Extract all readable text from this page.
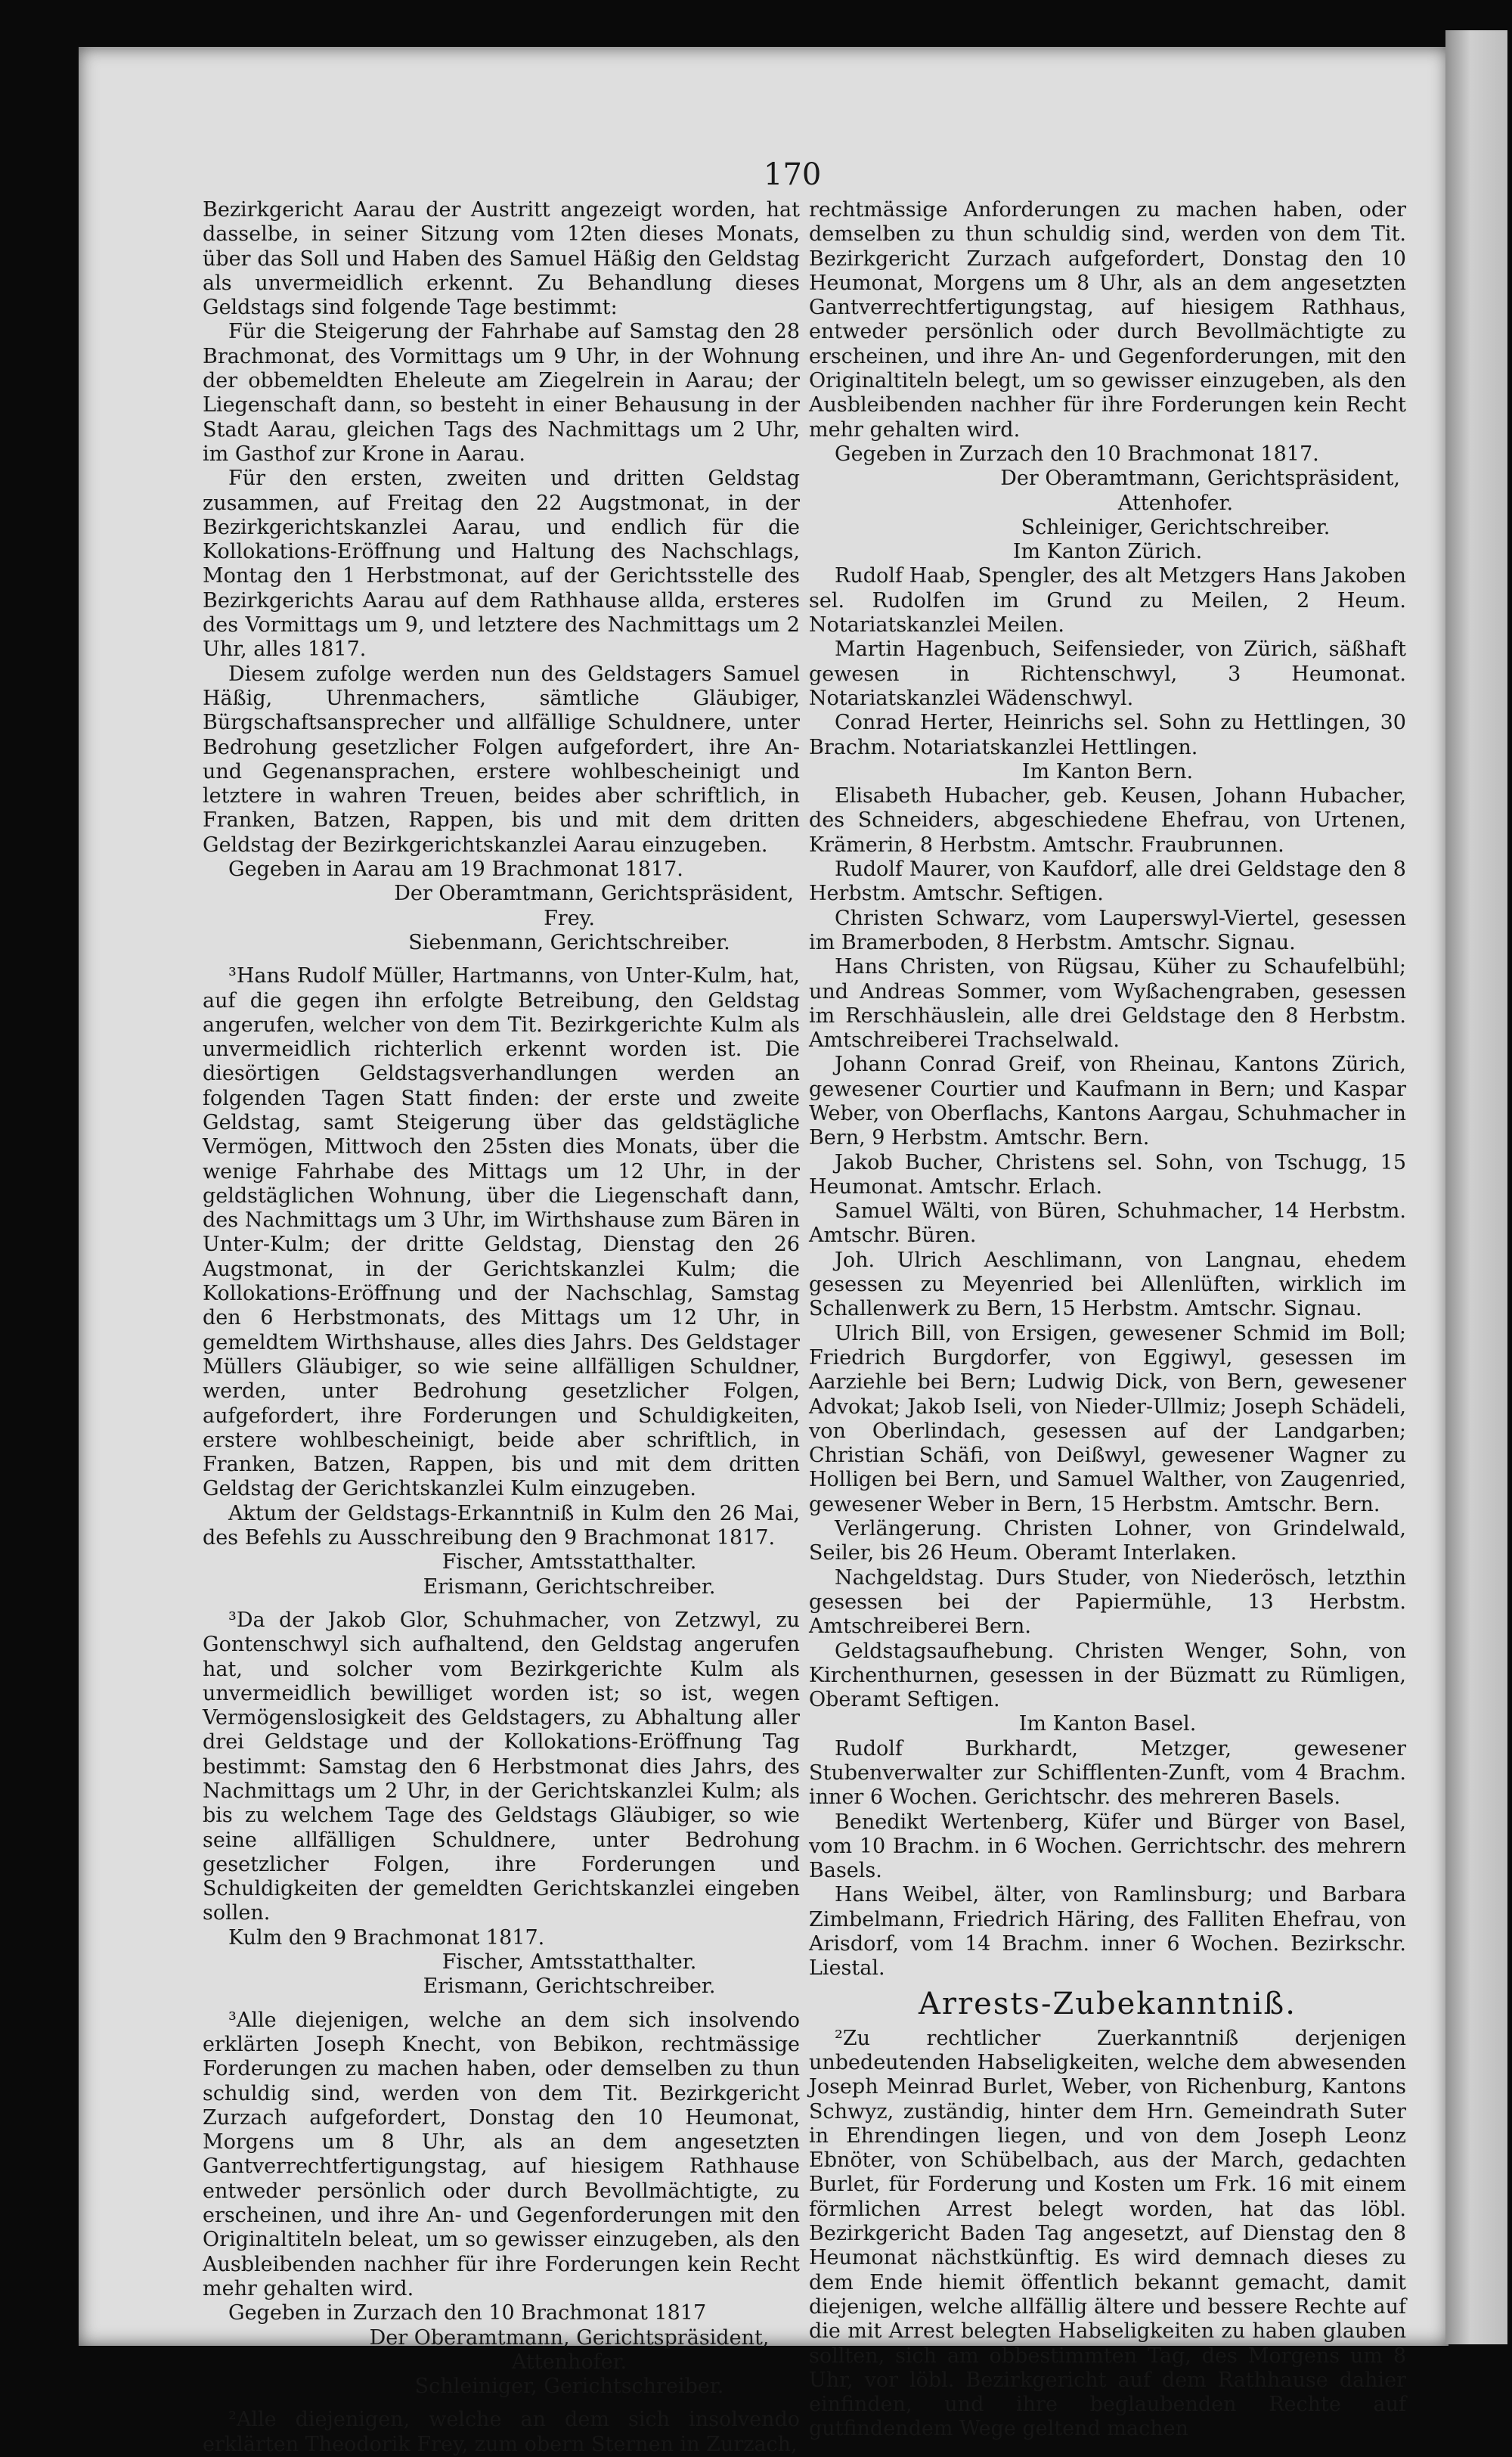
170

Bezirkgericht Aarau der Austritt angezeigt worden, hat dasselbe, in seiner Sitzung vom 12ten dieses Monats, über das Soll und Haben des Samuel Häßig den Geldstag als unvermeidlich erkennt. Zu Behandlung dieses Geldstags sind folgende Tage bestimmt:

Für die Steigerung der Fahrhabe auf Samstag den 28 Brachmonat, des Vormittags um 9 Uhr, in der Wohnung der obbemeldten Eheleute am Ziegelrein in Aarau; der Liegenschaft dann, so besteht in einer Behausung in der Stadt Aarau, gleichen Tags des Nachmittags um 2 Uhr, im Gasthof zur Krone in Aarau.

Für den ersten, zweiten und dritten Geldstag zusammen, auf Freitag den 22 Augstmonat, in der Bezirkgerichtskanzlei Aarau, und endlich für die Kollokations-Eröffnung und Haltung des Nachschlags, Montag den 1 Herbstmonat, auf der Gerichtsstelle des Bezirkgerichts Aarau auf dem Rathhause allda, ersteres des Vormittags um 9, und letztere des Nachmittags um 2 Uhr, alles 1817.

Diesem zufolge werden nun des Geldstagers Samuel Häßig, Uhrenmachers, sämtliche Gläubiger, Bürgschaftsansprecher und allfällige Schuldnere, unter Bedrohung gesetzlicher Folgen aufgefordert, ihre An- und Gegenansprachen, erstere wohlbescheinigt und letztere in wahren Treuen, beides aber schriftlich, in Franken, Batzen, Rappen, bis und mit dem dritten Geldstag der Bezirkgerichtskanzlei Aarau einzugeben.

Gegeben in Aarau am 19 Brachmonat 1817.

Der Oberamtmann, Gerichtspräsident,

Frey.

Siebenmann, Gerichtschreiber.

³Hans Rudolf Müller, Hartmanns, von Unter-Kulm, hat, auf die gegen ihn erfolgte Betreibung, den Geldstag angerufen, welcher von dem Tit. Bezirkgerichte Kulm als unvermeidlich richterlich erkennt worden ist. Die diesörtigen Geldstagsverhandlungen werden an folgenden Tagen Statt finden: der erste und zweite Geldstag, samt Steigerung über das geldstägliche Vermögen, Mittwoch den 25sten dies Monats, über die wenige Fahrhabe des Mittags um 12 Uhr, in der geldstäglichen Wohnung, über die Liegenschaft dann, des Nachmittags um 3 Uhr, im Wirthshause zum Bären in Unter-Kulm; der dritte Geldstag, Dienstag den 26 Augstmonat, in der Gerichtskanzlei Kulm; die Kollokations-Eröffnung und der Nachschlag, Samstag den 6 Herbstmonats, des Mittags um 12 Uhr, in gemeldtem Wirthshause, alles dies Jahrs. Des Geldstager Müllers Gläubiger, so wie seine allfälligen Schuldner, werden, unter Bedrohung gesetzlicher Folgen, aufgefordert, ihre Forderungen und Schuldigkeiten, erstere wohlbescheinigt, beide aber schriftlich, in Franken, Batzen, Rappen, bis und mit dem dritten Geldstag der Gerichtskanzlei Kulm einzugeben.

Aktum der Geldstags-Erkanntniß in Kulm den 26 Mai, des Befehls zu Ausschreibung den 9 Brachmonat 1817.

Fischer, Amtsstatthalter.

Erismann, Gerichtschreiber.

³Da der Jakob Glor, Schuhmacher, von Zetzwyl, zu Gontenschwyl sich aufhaltend, den Geldstag angerufen hat, und solcher vom Bezirkgerichte Kulm als unvermeidlich bewilliget worden ist; so ist, wegen Vermögenslosigkeit des Geldstagers, zu Abhaltung aller drei Geldstage und der Kollokations-Eröffnung Tag bestimmt: Samstag den 6 Herbstmonat dies Jahrs, des Nachmittags um 2 Uhr, in der Gerichtskanzlei Kulm; als bis zu welchem Tage des Geldstags Gläubiger, so wie seine allfälligen Schuldnere, unter Bedrohung gesetzlicher Folgen, ihre Forderungen und Schuldigkeiten der gemeldten Gerichtskanzlei eingeben sollen.

Kulm den 9 Brachmonat 1817.

Fischer, Amtsstatthalter.

Erismann, Gerichtschreiber.

³Alle diejenigen, welche an dem sich insolvendo erklärten Joseph Knecht, von Bebikon, rechtmässige Forderungen zu machen haben, oder demselben zu thun schuldig sind, werden von dem Tit. Bezirkgericht Zurzach aufgefordert, Donstag den 10 Heumonat, Morgens um 8 Uhr, als an dem angesetzten Gantverrechtfertigungstag, auf hiesigem Rathhause entweder persönlich oder durch Bevollmächtigte, zu erscheinen, und ihre An- und Gegenforderungen mit den Originaltiteln beleat, um so gewisser einzugeben, als den Ausbleibenden nachher für ihre Forderungen kein Recht mehr gehalten wird.

Gegeben in Zurzach den 10 Brachmonat 1817

Der Oberamtmann, Gerichtspräsident,

Attenhofer.

Schleiniger, Gerichtschreiber.

²Alle diejenigen, welche an dem sich insolvendo erklärten Theodorik Frey, zum obern Sternen in Zurzach,

rechtmässige Anforderungen zu machen haben, oder demselben zu thun schuldig sind, werden von dem Tit. Bezirkgericht Zurzach aufgefordert, Donstag den 10 Heumonat, Morgens um 8 Uhr, als an dem angesetzten Gantverrechtfertigungstag, auf hiesigem Rathhaus, entweder persönlich oder durch Bevollmächtigte zu erscheinen, und ihre An- und Gegenforderungen, mit den Originaltiteln belegt, um so gewisser einzugeben, als den Ausbleibenden nachher für ihre Forderungen kein Recht mehr gehalten wird.

Gegeben in Zurzach den 10 Brachmonat 1817.

Der Oberamtmann, Gerichtspräsident,

Attenhofer.

Schleiniger, Gerichtschreiber.

Im Kanton Zürich.

Rudolf Haab, Spengler, des alt Metzgers Hans Jakoben sel. Rudolfen im Grund zu Meilen, 2 Heum. Notariatskanzlei Meilen.

Martin Hagenbuch, Seifensieder, von Zürich, säßhaft gewesen in Richtenschwyl, 3 Heumonat. Notariatskanzlei Wädenschwyl.

Conrad Herter, Heinrichs sel. Sohn zu Hettlingen, 30 Brachm. Notariatskanzlei Hettlingen.

Im Kanton Bern.

Elisabeth Hubacher, geb. Keusen, Johann Hubacher, des Schneiders, abgeschiedene Ehefrau, von Urtenen, Krämerin, 8 Herbstm. Amtschr. Fraubrunnen.

Rudolf Maurer, von Kaufdorf, alle drei Geldstage den 8 Herbstm. Amtschr. Seftigen.

Christen Schwarz, vom Lauperswyl-Viertel, gesessen im Bramerboden, 8 Herbstm. Amtschr. Signau.

Hans Christen, von Rügsau, Küher zu Schaufelbühl; und Andreas Sommer, vom Wyßachengraben, gesessen im Rerschhäuslein, alle drei Geldstage den 8 Herbstm. Amtschreiberei Trachselwald.

Johann Conrad Greif, von Rheinau, Kantons Zürich, gewesener Courtier und Kaufmann in Bern; und Kaspar Weber, von Oberflachs, Kantons Aargau, Schuhmacher in Bern, 9 Herbstm. Amtschr. Bern.

Jakob Bucher, Christens sel. Sohn, von Tschugg, 15 Heumonat. Amtschr. Erlach.

Samuel Wälti, von Büren, Schuhmacher, 14 Herbstm. Amtschr. Büren.

Joh. Ulrich Aeschlimann, von Langnau, ehedem gesessen zu Meyenried bei Allenlüften, wirklich im Schallenwerk zu Bern, 15 Herbstm. Amtschr. Signau.

Ulrich Bill, von Ersigen, gewesener Schmid im Boll; Friedrich Burgdorfer, von Eggiwyl, gesessen im Aarziehle bei Bern; Ludwig Dick, von Bern, gewesener Advokat; Jakob Iseli, von Nieder-Ullmiz; Joseph Schädeli, von Oberlindach, gesessen auf der Landgarben; Christian Schäfi, von Deißwyl, gewesener Wagner zu Holligen bei Bern, und Samuel Walther, von Zaugenried, gewesener Weber in Bern, 15 Herbstm. Amtschr. Bern.

Verlängerung. Christen Lohner, von Grindelwald, Seiler, bis 26 Heum. Oberamt Interlaken.

Nachgeldstag. Durs Studer, von Niederösch, letzthin gesessen bei der Papiermühle, 13 Herbstm. Amtschreiberei Bern.

Geldstagsaufhebung. Christen Wenger, Sohn, von Kirchenthurnen, gesessen in der Büzmatt zu Rümligen, Oberamt Seftigen.

Im Kanton Basel.

Rudolf Burkhardt, Metzger, gewesener Stubenverwalter zur Schifflenten-Zunft, vom 4 Brachm. inner 6 Wochen. Gerichtschr. des mehreren Basels.

Benedikt Wertenberg, Küfer und Bürger von Basel, vom 10 Brachm. in 6 Wochen. Gerrichtschr. des mehrern Basels.

Hans Weibel, älter, von Ramlinsburg; und Barbara Zimbelmann, Friedrich Häring, des Falliten Ehefrau, von Arisdorf, vom 14 Brachm. inner 6 Wochen. Bezirkschr. Liestal.

Arrests-Zubekanntniß.

²Zu rechtlicher Zuerkanntniß derjenigen unbedeutenden Habseligkeiten, welche dem abwesenden Joseph Meinrad Burlet, Weber, von Richenburg, Kantons Schwyz, zuständig, hinter dem Hrn. Gemeindrath Suter in Ehrendingen liegen, und von dem Joseph Leonz Ebnöter, von Schübelbach, aus der March, gedachten Burlet, für Forderung und Kosten um Frk. 16 mit einem förmlichen Arrest belegt worden, hat das löbl. Bezirkgericht Baden Tag angesetzt, auf Dienstag den 8 Heumonat nächstkünftig. Es wird demnach dieses zu dem Ende hiemit öffentlich bekannt gemacht, damit diejenigen, welche allfällig ältere und bessere Rechte auf die mit Arrest belegten Habseligkeiten zu haben glauben sollten, sich am obbestimmten Tag, des Morgens um 8 Uhr, vor löbl. Bezirkgericht auf dem Rathhause dahier einfinden, und ihre beglaubenden Rechte auf gutfindendem Wege geltend machen
